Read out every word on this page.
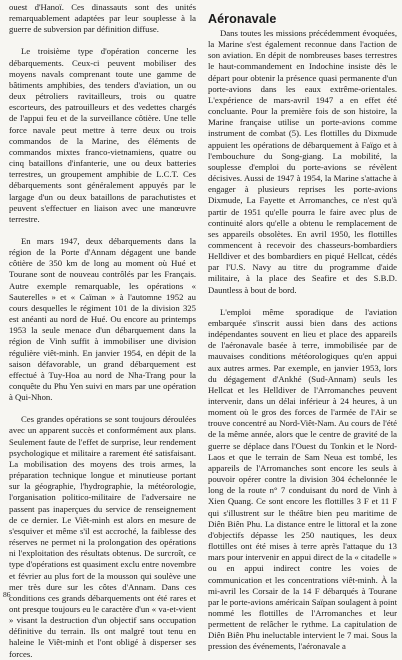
ouest d'Hanoï. Ces dinassauts sont des unités remarquablement adaptées par leur souplesse à la guerre de subversion par définition diffuse.

Le troisième type d'opération concerne les débarquements. Ceux-ci peuvent mobiliser des moyens navals comprenant toute une gamme de bâtiments amphibies, des tenders d'aviation, un ou deux pétroliers ravitailleurs, trois ou quatre escorteurs, des patrouilleurs et des vedettes chargés de l'appui feu et de la surveillance côtière. Une telle force navale peut mettre à terre deux ou trois commandos de la Marine, des éléments de commandos mixtes franco-vietnamiens, quatre ou cinq bataillons d'infanterie, une ou deux batteries terrestres, un groupement amphibie de L.C.T. Ces débarquements sont généralement appuyés par le largage d'un ou deux bataillons de parachutistes et peuvent s'effectuer en liaison avec une manœuvre terrestre.

En mars 1947, deux débarquements dans la région de la Porte d'Annam dégagent une bande côtière de 350 km de long au moment où Hué et Tourane sont de nouveau contrôlés par les Français. Autre exemple remarquable, les opérations « Sauterelles » et « Caïman » à l'automne 1952 au cours desquelles le régiment 101 de la division 325 est anéanti au nord de Hué. Ou encore au printemps 1953 la seule menace d'un débarquement dans la région de Vinh suffit à immobiliser une division régulière viêt-minh. En janvier 1954, en dépit de la saison défavorable, un grand débarquement est effectué à Tuy-Hoa au nord de Nha-Trang pour la conquête du Phu Yen suivi en mars par une opération à Qui-Nhon.

Ces grandes opérations se sont toujours déroulées avec un apparent succès et conformément aux plans. Seulement faute de l'effet de surprise, leur rendement psychologique et militaire a rarement été satisfaisant. La mobilisation des moyens des trois armes, la préparation technique longue et minutieuse portant sur la géographie, l'hydrographie, la météorologie, l'organisation politico-militaire de l'adversaire ne passent pas inaperçues du service de renseignement de ce dernier. Le Viêt-minh est alors en mesure de s'esquiver et même s'il est accroché, la faiblesse des réserves ne permet ni la prolongation des opérations ni l'exploitation des résultats obtenus. De surcroît, ce type d'opérations est quasiment exclu entre novembre et février au plus fort de la mousson qui soulève une mer très dure sur les côtes d'Annam. Dans ces conditions ces grands débarquements ont été rares et ont presque toujours eu le caractère d'un « va-et-vient » visant la destruction d'un objectif sans occupation définitive du terrain. Ils ont malgré tout tenu en haleine le Viêt-minh et l'ont obligé à disperser ses forces.

Aéronavale

Dans toutes les missions précédemment évoquées, la Marine s'est également reconnue dans l'action de son aviation. En dépit de nombreuses bases terrestres le haut-commandement en Indochine insiste dès le départ pour obtenir la présence quasi permanente d'un porte-avions dans les eaux extrême-orientales. L'expérience de mars-avril 1947 a en effet été concluante. Pour la première fois de son histoire, la Marine française utilise un porte-avions comme instrument de combat (5). Les flottilles du Dixmude appuient les opérations de débarquement à Faïgo et à l'embouchure du Song-giang. La mobilité, la souplesse d'emploi du porte-avions se révèlent décisives. Aussi de 1947 à 1954, la Marine s'attache à engager à plusieurs reprises les porte-avions Dixmude, La Fayette et Arromanches, ce n'est qu'à partir de 1951 qu'elle pourra le faire avec plus de continuité alors qu'elle a obtenu le remplacement de ses appareils obsolètes. En avril 1950, les flottilles commencent à recevoir des chasseurs-bombardiers Helldiver et des bombardiers en piqué Hellcat, cédés par l'U.S. Navy au titre du programme d'aide militaire, à la place des Seafire et des S.B.D. Dauntless à bout de bord.

L'emploi même sporadique de l'aviation embarquée s'inscrit aussi bien dans des actions indépendantes souvent en lieu et place des appareils de l'aéronavale basée à terre, immobilisée par de mauvaises conditions météorologiques qu'en appui aux autres armes. Par exemple, en janvier 1953, lors du dégagement d'Ankhé (Sud-Annam) seuls les Hellcat et les Helldiver de l'Arromanches peuvent intervenir, dans un délai inférieur à 24 heures, à un moment où le gros des forces de l'armée de l'Air se trouve concentré au Nord-Viêt-Nam. Au cours de l'été de la même année, alors que le centre de gravité de la guerre se déplace dans l'Ouest du Tonkin et le Nord-Laos et que le terrain de Sam Neua est tombé, les appareils de l'Arromanches sont encore les seuls à pouvoir opérer contre la division 304 échelonnée le long de la route n° 7 conduisant du nord de Vinh à Xien Quang. Ce sont encore les flottilles 3 F et 11 F qui s'illustrent sur le théâtre bien peu maritime de Diên Biên Phu. La distance entre le littoral et la zone d'objectifs dépasse les 250 nautiques, les deux flottilles ont été mises à terre après l'attaque du 13 mars pour intervenir en appui direct de la « citadelle » ou en appui indirect contre les voies de communication et les concentrations viêt-minh. À la mi-avril les Corsair de la 14 F débarqués à Tourane par le porte-avions américain Saïpan soulagent à point nommé les flottilles de l'Arromanches et leur permettent de relâcher le rythme. La capitulation de Diên Biên Phu ineluctable intervient le 7 mai. Sous la pression des événements, l'aéronavale a

86
